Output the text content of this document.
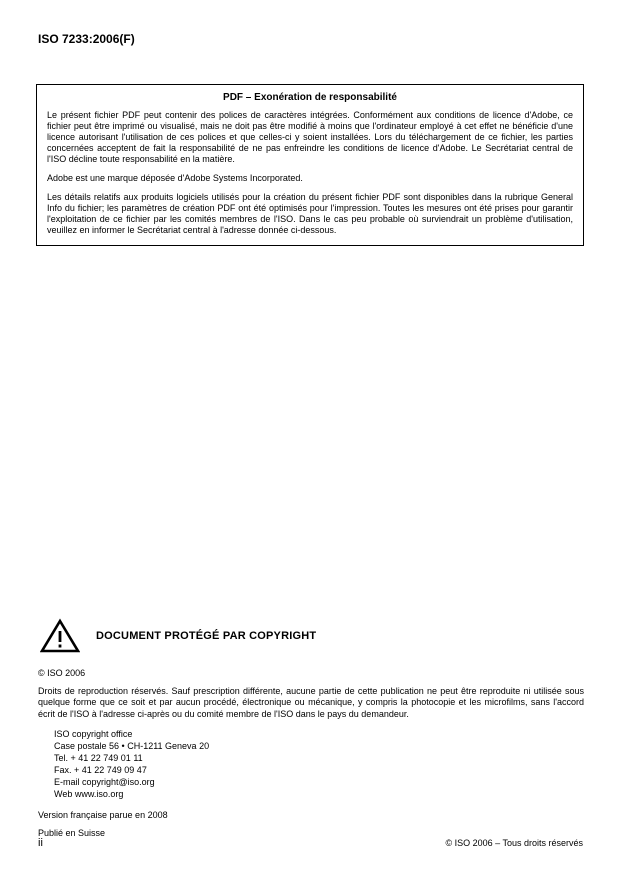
ISO 7233:2006(F)
PDF – Exonération de responsabilité

Le présent fichier PDF peut contenir des polices de caractères intégrées. Conformément aux conditions de licence d'Adobe, ce fichier peut être imprimé ou visualisé, mais ne doit pas être modifié à moins que l'ordinateur employé à cet effet ne bénéficie d'une licence autorisant l'utilisation de ces polices et que celles-ci y soient installées. Lors du téléchargement de ce fichier, les parties concernées acceptent de fait la responsabilité de ne pas enfreindre les conditions de licence d'Adobe. Le Secrétariat central de l'ISO décline toute responsabilité en la matière.

Adobe est une marque déposée d'Adobe Systems Incorporated.

Les détails relatifs aux produits logiciels utilisés pour la création du présent fichier PDF sont disponibles dans la rubrique General Info du fichier; les paramètres de création PDF ont été optimisés pour l'impression. Toutes les mesures ont été prises pour garantir l'exploitation de ce fichier par les comités membres de l'ISO. Dans le cas peu probable où surviendrait un problème d'utilisation, veuillez en informer le Secrétariat central à l'adresse donnée ci-dessous.

DOCUMENT PROTÉGÉ PAR COPYRIGHT
© ISO 2006
Droits de reproduction réservés. Sauf prescription différente, aucune partie de cette publication ne peut être reproduite ni utilisée sous quelque forme que ce soit et par aucun procédé, électronique ou mécanique, y compris la photocopie et les microfilms, sans l'accord écrit de l'ISO à l'adresse ci-après ou du comité membre de l'ISO dans le pays du demandeur.
ISO copyright office
Case postale 56 • CH-1211 Geneva 20
Tel. + 41 22 749 01 11
Fax. + 41 22 749 09 47
E-mail copyright@iso.org
Web www.iso.org
Version française parue en 2008
Publié en Suisse
ii	© ISO 2006 – Tous droits réservés
